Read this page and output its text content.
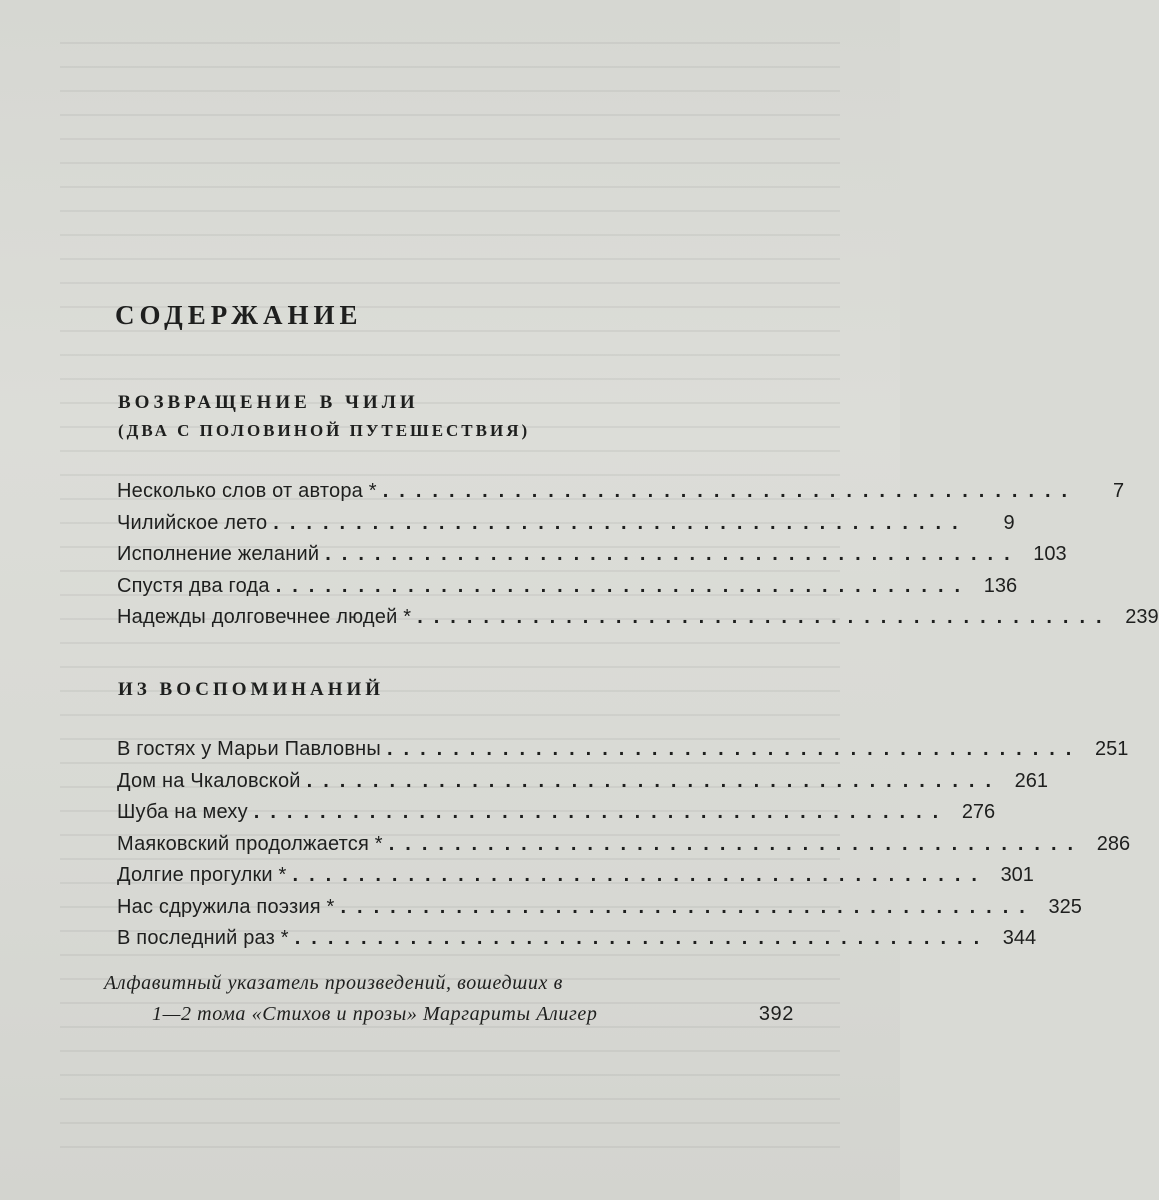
СОДЕРЖАНИЕ
ВОЗВРАЩЕНИЕ В ЧИЛИ
(ДВА С ПОЛОВИНОЙ ПУТЕШЕСТВИЯ)
Несколько слов от автора * ..........................................	7
Чилийское лето ..........................................	9
Исполнение желаний .......................................... 103
Спустя два года .......................................... 136
Надежды долговечнее людей * .......................................... 239
ИЗ ВОСПОМИНАНИЙ
В гостях у Марьи Павловны .......................................... 251
Дом на Чкаловской .......................................... 261
Шуба на меху .......................................... 276
Маяковский продолжается * .......................................... 286
Долгие прогулки * .......................................... 301
Нас сдружила поэзия * .......................................... 325
В последний раз * .......................................... 344
Алфавитный указатель произведений, вошедших в
1—2 тома «Стихов и прозы» Маргариты Алигер	392
